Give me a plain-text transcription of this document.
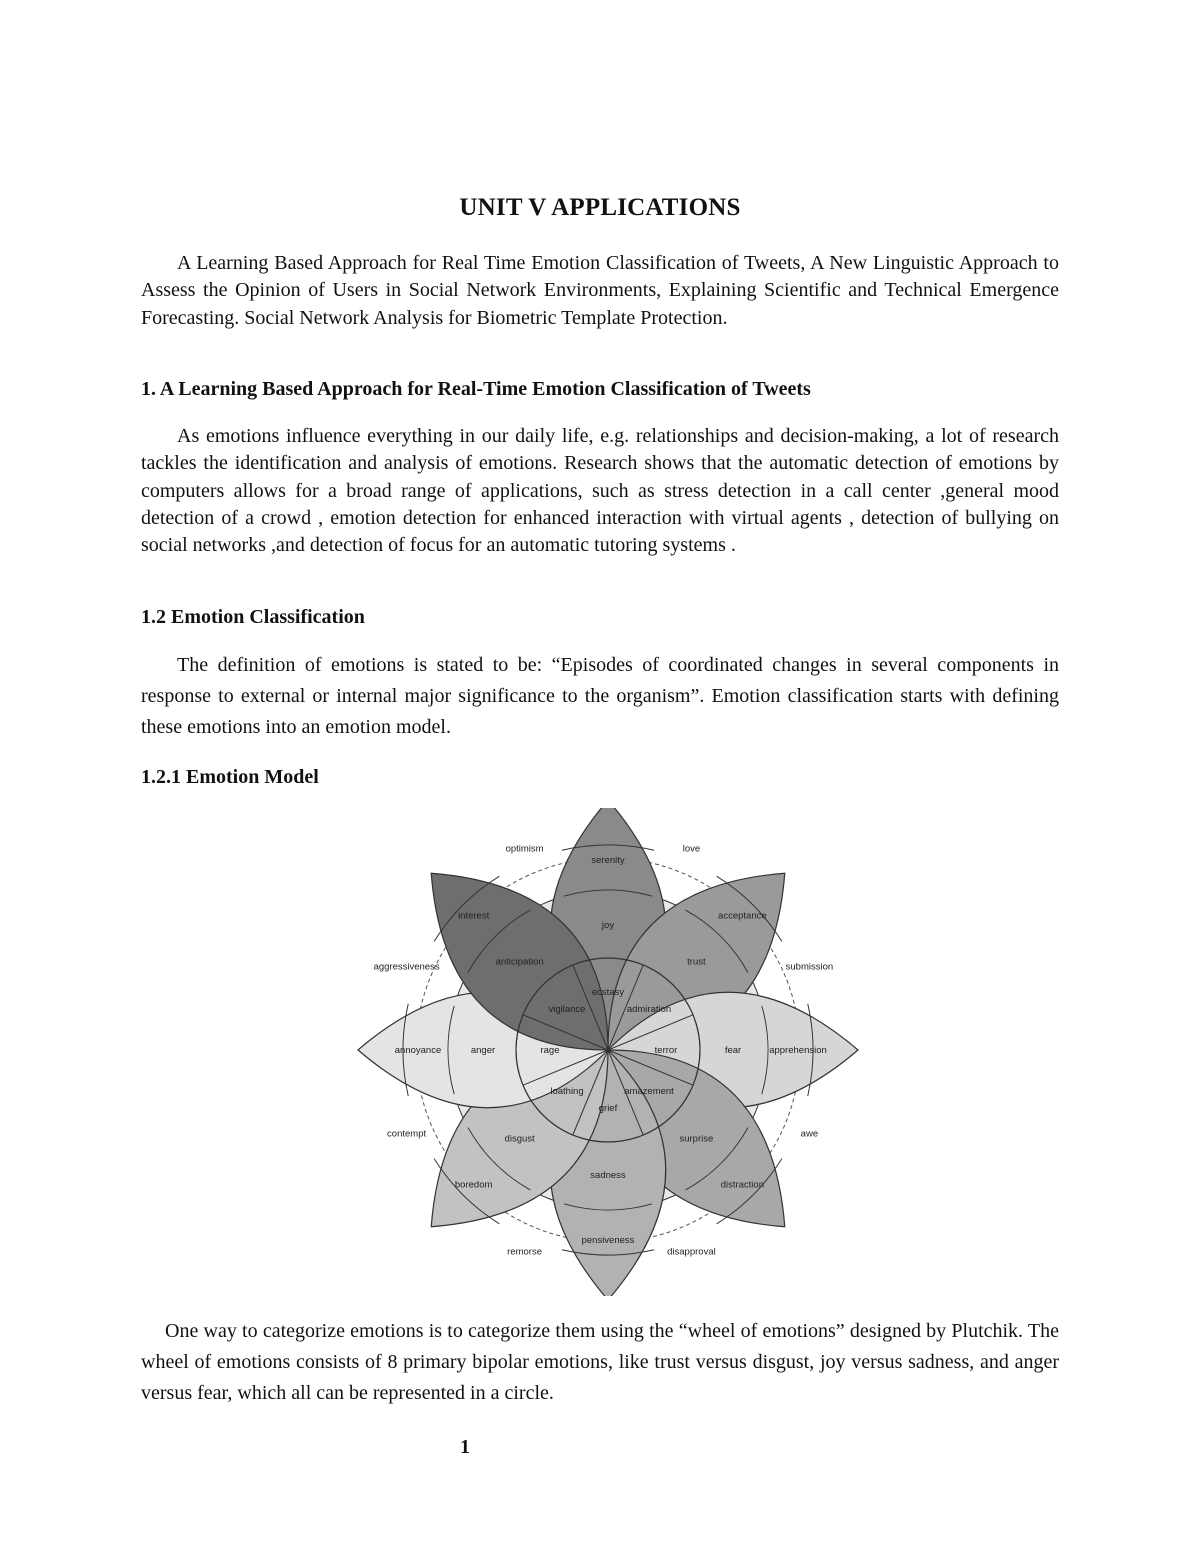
UNIT V APPLICATIONS

A Learning Based Approach for Real Time Emotion Classification of Tweets, A New Linguistic Approach to Assess the Opinion of Users in Social Network Environments, Explaining Scientific and Technical Emergence Forecasting. Social Network Analysis for Biometric Template Protection.

1. A Learning Based Approach for Real-Time Emotion Classification of Tweets

As emotions influence everything in our daily life, e.g. relationships and decision-making, a lot of research tackles the identification and analysis of emotions. Research shows that the automatic detection of emotions by computers allows for a broad range of applications, such as stress detection in a call center ,general mood detection of a crowd , emotion detection for enhanced interaction with virtual agents , detection of bullying on social networks ,and detection of focus for an automatic tutoring systems .

1.2 Emotion Classification

The definition of emotions is stated to be: “Episodes of coordinated changes in several components in response to external or internal major significance to the organism”. Emotion classification starts with defining these emotions into an emotion model.

1.2.1 Emotion Model

ecstasy
joy
serenity
admiration
trust
acceptance
terror	fear	apprehension
amazement
surprise
distraction
grief
sadness
pensiveness
loathing
disgust
boredom
rage
anger
annoyance
vigilance
anticipation
interest
love
submission
awe
disapproval
remorse
contempt
aggressiveness
optimism

One way to categorize emotions is to categorize them using the “wheel of emotions” designed by Plutchik. The wheel of emotions consists of 8 primary bipolar emotions, like trust versus disgust, joy versus sadness, and anger versus fear, which all can be represented in a circle.

1
